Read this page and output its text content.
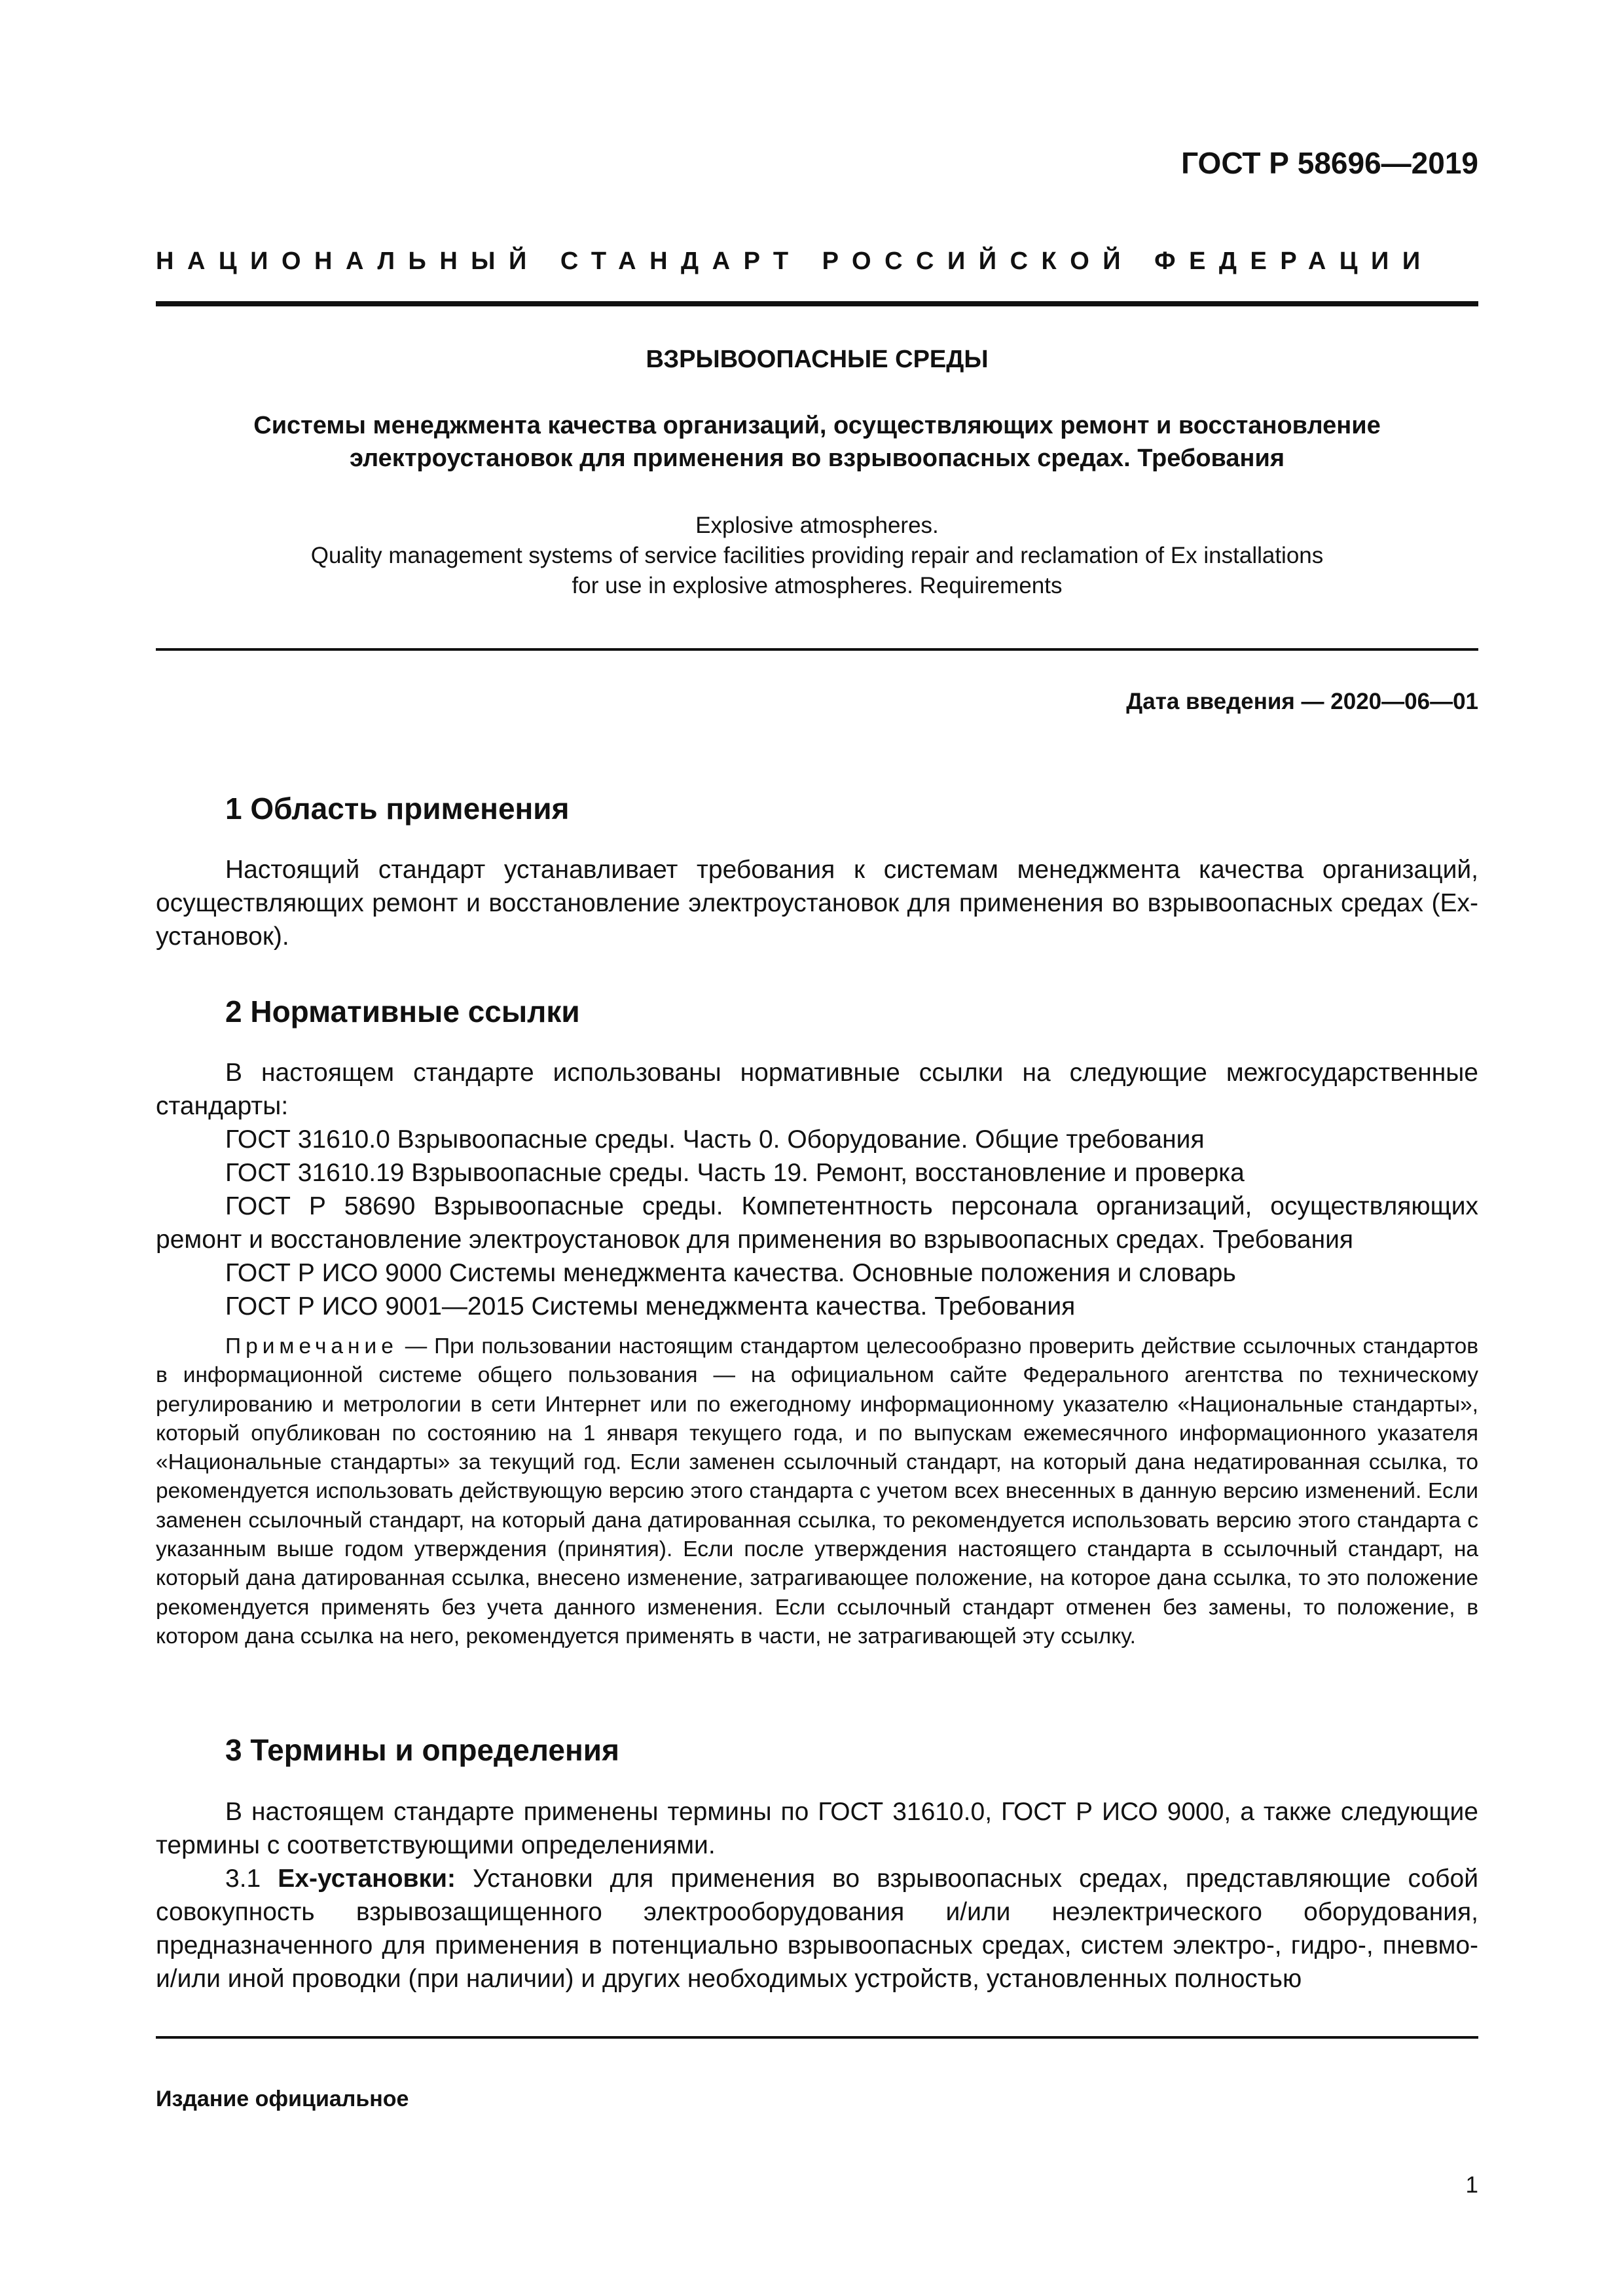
ГОСТ Р 58696—2019
НАЦИОНАЛЬНЫЙ СТАНДАРТ РОССИЙСКОЙ ФЕДЕРАЦИИ
ВЗРЫВООПАСНЫЕ СРЕДЫ
Системы менеджмента качества организаций, осуществляющих ремонт и восстановление
электроустановок для применения во взрывоопасных средах. Требования
Explosive atmospheres.
Quality management systems of service facilities providing repair and reclamation of Ex installations
for use in explosive atmospheres. Requirements
Дата введения — 2020—06—01
1 Область применения

Настоящий стандарт устанавливает требования к системам менеджмента качества организаций, осуществляющих ремонт и восстановление электроустановок для применения во взрывоопасных средах (Ex-установок).

2 Нормативные ссылки

В настоящем стандарте использованы нормативные ссылки на следующие межгосударственные стандарты:

ГОСТ 31610.0 Взрывоопасные среды. Часть 0. Оборудование. Общие требования
ГОСТ 31610.19 Взрывоопасные среды. Часть 19. Ремонт, восстановление и проверка

ГОСТ Р 58690 Взрывоопасные среды. Компетентность персонала организаций, осуществляющих ремонт и восстановление электроустановок для применения во взрывоопасных средах. Требования

ГОСТ Р ИСО 9000 Системы менеджмента качества. Основные положения и словарь
ГОСТ Р ИСО 9001—2015 Системы менеджмента качества. Требования

Примечание — При пользовании настоящим стандартом целесообразно проверить действие ссылочных стандартов в информационной системе общего пользования — на официальном сайте Федерального агентства по техническому регулированию и метрологии в сети Интернет или по ежегодному информационному указателю «Национальные стандарты», который опубликован по состоянию на 1 января текущего года, и по выпускам ежемесячного информационного указателя «Национальные стандарты» за текущий год. Если заменен ссылочный стандарт, на который дана недатированная ссылка, то рекомендуется использовать действующую версию этого стандарта с учетом всех внесенных в данную версию изменений. Если заменен ссылочный стандарт, на который дана датированная ссылка, то рекомендуется использовать версию этого стандарта с указанным выше годом утверждения (принятия). Если после утверждения настоящего стандарта в ссылочный стандарт, на который дана датированная ссылка, внесено изменение, затрагивающее положение, на которое дана ссылка, то это положение рекомендуется применять без учета данного изменения. Если ссылочный стандарт отменен без замены, то положение, в котором дана ссылка на него, рекомендуется применять в части, не затрагивающей эту ссылку.

3 Термины и определения

В настоящем стандарте применены термины по ГОСТ 31610.0, ГОСТ Р ИСО 9000, а также следующие термины с соответствующими определениями.

3.1 Ex-установки: Установки для применения во взрывоопасных средах, представляющие собой совокупность взрывозащищенного электрооборудования и/или неэлектрического оборудования, предназначенного для применения в потенциально взрывоопасных средах, систем электро-, гидро-, пневмо- и/или иной проводки (при наличии) и других необходимых устройств, установленных полностью

Издание официальное
1
